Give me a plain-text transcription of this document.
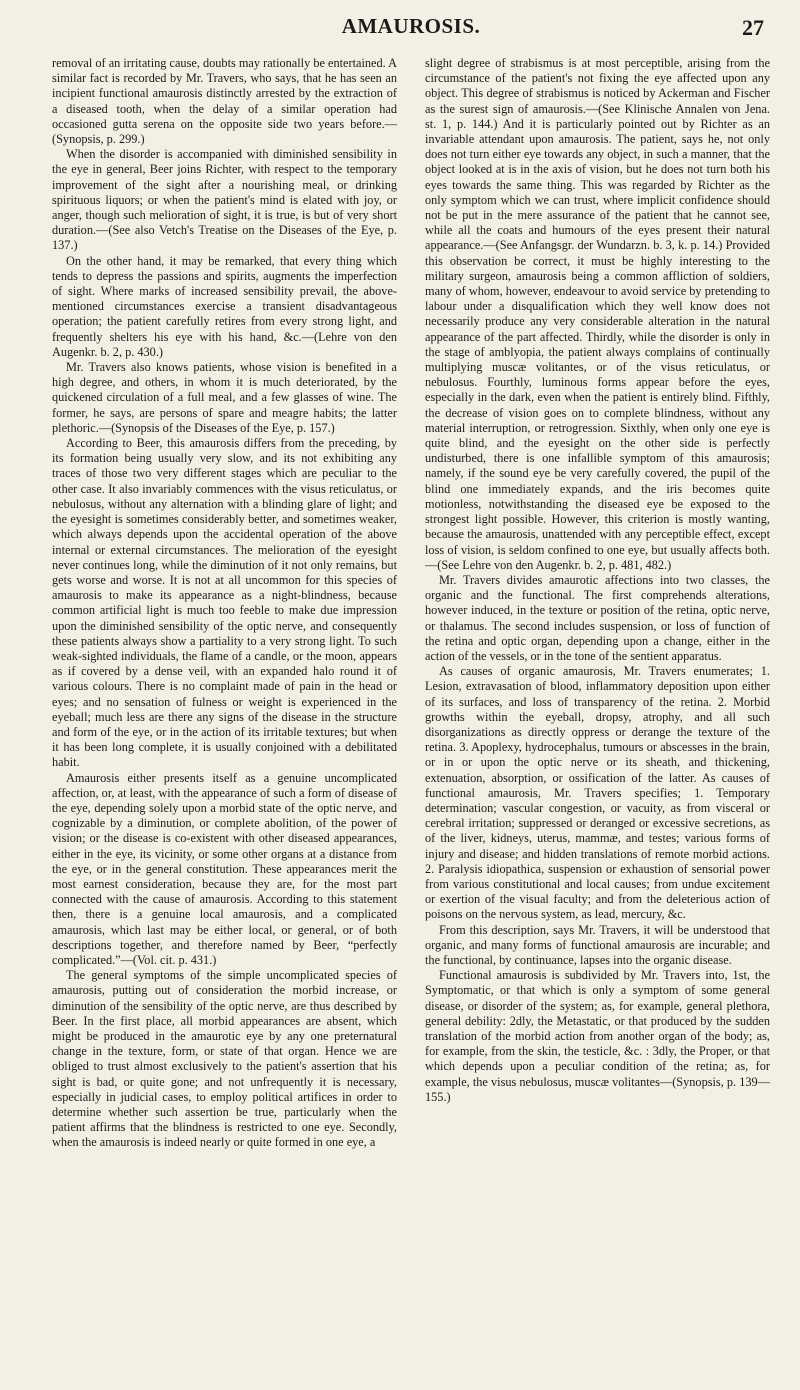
AMAUROSIS.	27

removal of an irritating cause, doubts may rationally be entertained. A similar fact is recorded by Mr. Travers, who says, that he has seen an incipient functional amaurosis distinctly arrested by the extraction of a diseased tooth, when the delay of a similar operation had occasioned gutta serena on the opposite side two years before.—(Synopsis, p. 299.)

When the disorder is accompanied with diminished sensibility in the eye in general, Beer joins Richter, with respect to the temporary improvement of the sight after a nourishing meal, or drinking spirituous liquors; or when the patient's mind is elated with joy, or anger, though such melioration of sight, it is true, is but of very short duration.—(See also Vetch's Treatise on the Diseases of the Eye, p. 137.)

On the other hand, it may be remarked, that every thing which tends to depress the passions and spirits, augments the imperfection of sight. Where marks of increased sensibility prevail, the above-mentioned circumstances exercise a transient disadvantageous operation; the patient carefully retires from every strong light, and frequently shelters his eye with his hand, &c.—(Lehre von den Augenkr. b. 2, p. 430.)

Mr. Travers also knows patients, whose vision is benefited in a high degree, and others, in whom it is much deteriorated, by the quickened circulation of a full meal, and a few glasses of wine. The former, he says, are persons of spare and meagre habits; the latter plethoric.—(Synopsis of the Diseases of the Eye, p. 157.)

According to Beer, this amaurosis differs from the preceding, by its formation being usually very slow, and its not exhibiting any traces of those two very different stages which are peculiar to the other case. It also invariably commences with the visus reticulatus, or nebulosus, without any alternation with a blinding glare of light; and the eyesight is sometimes considerably better, and sometimes weaker, which always depends upon the accidental operation of the above internal or external circumstances. The melioration of the eyesight never continues long, while the diminution of it not only remains, but gets worse and worse. It is not at all uncommon for this species of amaurosis to make its appearance as a night-blindness, because common artificial light is much too feeble to make due impression upon the diminished sensibility of the optic nerve, and consequently these patients always show a partiality to a very strong light. To such weak-sighted individuals, the flame of a candle, or the moon, appears as if covered by a dense veil, with an expanded halo round it of various colours. There is no complaint made of pain in the head or eyes; and no sensation of fulness or weight is experienced in the eyeball; much less are there any signs of the disease in the structure and form of the eye, or in the action of its irritable textures; but when it has been long complete, it is usually conjoined with a debilitated habit.

Amaurosis either presents itself as a genuine uncomplicated affection, or, at least, with the appearance of such a form of disease of the eye, depending solely upon a morbid state of the optic nerve, and cognizable by a diminution, or complete abolition, of the power of vision; or the disease is co-existent with other diseased appearances, either in the eye, its vicinity, or some other organs at a distance from the eye, or in the general constitution. These appearances merit the most earnest consideration, because they are, for the most part connected with the cause of amaurosis. According to this statement then, there is a genuine local amaurosis, and a complicated amaurosis, which last may be either local, or general, or of both descriptions together, and therefore named by Beer, “perfectly complicated.”—(Vol. cit. p. 431.)

The general symptoms of the simple uncomplicated species of amaurosis, putting out of consideration the morbid increase, or diminution of the sensibility of the optic nerve, are thus described by Beer. In the first place, all morbid appearances are absent, which might be produced in the amaurotic eye by any one preternatural change in the texture, form, or state of that organ. Hence we are obliged to trust almost exclusively to the patient's assertion that his sight is bad, or quite gone; and not unfrequently it is necessary, especially in judicial cases, to employ political artifices in order to determine whether such assertion be true, particularly when the patient affirms that the blindness is restricted to one eye. Secondly, when the amaurosis is indeed nearly or quite formed in one eye, a

slight degree of strabismus is at most perceptible, arising from the circumstance of the patient's not fixing the eye affected upon any object. This degree of strabismus is noticed by Ackerman and Fischer as the surest sign of amaurosis.—(See Klinische Annalen von Jena. st. 1, p. 144.) And it is particularly pointed out by Richter as an invariable attendant upon amaurosis. The patient, says he, not only does not turn either eye towards any object, in such a manner, that the object looked at is in the axis of vision, but he does not turn both his eyes towards the same thing. This was regarded by Richter as the only symptom which we can trust, where implicit confidence should not be put in the mere assurance of the patient that he cannot see, while all the coats and humours of the eyes present their natural appearance.—(See Anfangsgr. der Wundarzn. b. 3, k. p. 14.) Provided this observation be correct, it must be highly interesting to the military surgeon, amaurosis being a common affliction of soldiers, many of whom, however, endeavour to avoid service by pretending to labour under a disqualification which they well know does not necessarily produce any very considerable alteration in the natural appearance of the part affected. Thirdly, while the disorder is only in the stage of amblyopia, the patient always complains of continually multiplying muscæ volitantes, or of the visus reticulatus, or nebulosus. Fourthly, luminous forms appear before the eyes, especially in the dark, even when the patient is entirely blind. Fifthly, the decrease of vision goes on to complete blindness, without any material interruption, or retrogression. Sixthly, when only one eye is quite blind, and the eyesight on the other side is perfectly undisturbed, there is one infallible symptom of this amaurosis; namely, if the sound eye be very carefully covered, the pupil of the blind one immediately expands, and the iris becomes quite motionless, notwithstanding the diseased eye be exposed to the strongest light possible. However, this criterion is mostly wanting, because the amaurosis, unattended with any perceptible effect, except loss of vision, is seldom confined to one eye, but usually affects both.—(See Lehre von den Augenkr. b. 2, p. 481, 482.)

Mr. Travers divides amaurotic affections into two classes, the organic and the functional. The first comprehends alterations, however induced, in the texture or position of the retina, optic nerve, or thalamus. The second includes suspension, or loss of function of the retina and optic organ, depending upon a change, either in the action of the vessels, or in the tone of the sentient apparatus.

As causes of organic amaurosis, Mr. Travers enumerates; 1. Lesion, extravasation of blood, inflammatory deposition upon either of its surfaces, and loss of transparency of the retina. 2. Morbid growths within the eyeball, dropsy, atrophy, and all such disorganizations as directly oppress or derange the texture of the retina. 3. Apoplexy, hydrocephalus, tumours or abscesses in the brain, or in or upon the optic nerve or its sheath, and thickening, extenuation, absorption, or ossification of the latter. As causes of functional amaurosis, Mr. Travers specifies; 1. Temporary determination; vascular congestion, or vacuity, as from visceral or cerebral irritation; suppressed or deranged or excessive secretions, as of the liver, kidneys, uterus, mammæ, and testes; various forms of injury and disease; and hidden translations of remote morbid actions. 2. Paralysis idiopathica, suspension or exhaustion of sensorial power from various constitutional and local causes; from undue excitement or exertion of the visual faculty; and from the deleterious action of poisons on the nervous system, as lead, mercury, &c.

From this description, says Mr. Travers, it will be understood that organic, and many forms of functional amaurosis are incurable; and the functional, by continuance, lapses into the organic disease.

Functional amaurosis is subdivided by Mr. Travers into, 1st, the Symptomatic, or that which is only a symptom of some general disease, or disorder of the system; as, for example, general plethora, general debility: 2dly, the Metastatic, or that produced by the sudden translation of the morbid action from another organ of the body; as, for example, from the skin, the testicle, &c. : 3dly, the Proper, or that which depends upon a peculiar condition of the retina; as, for example, the visus nebulosus, muscæ volitantes—(Synopsis, p. 139—155.)
